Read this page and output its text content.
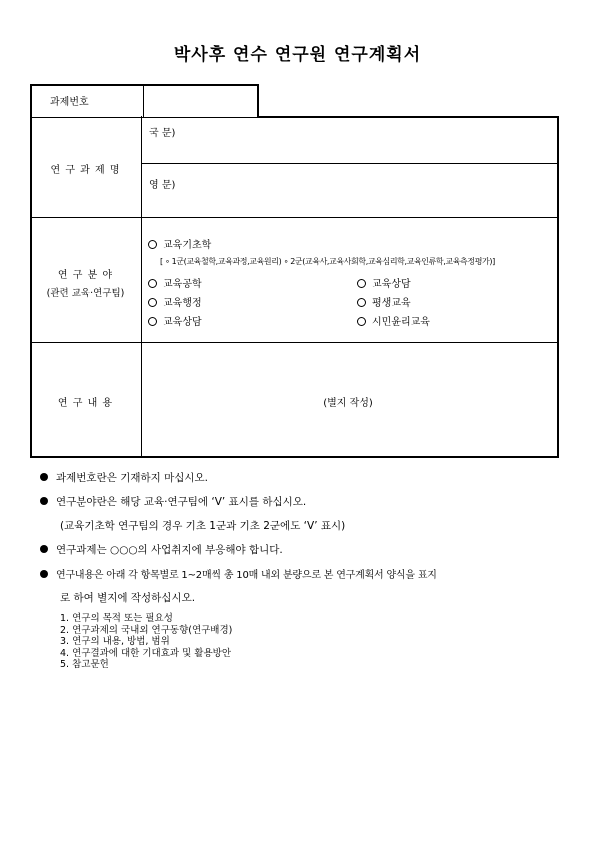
박사후 연수 연구원 연구계획서
과제번호
연 구 과 제 명
국 문)
영 문)
연 구 분 야
(관련 교육·연구팀)
교육기초학
[ ∘ 1군(교육철학,교육과정,교육원리) ∘ 2군(교육사,교육사회학,교육심리학,교육인류학,교육측정평가)]
교육공학
교육행정
교육상담
교육상담
평생교육
시민윤리교육
연 구 내 용	(별지 작성)
과제번호란은 기재하지 마십시오.
연구분야란은 해당 교육·연구팀에 ‘V’ 표시를 하십시오.
(교육기초학 연구팀의 경우 기초 1군과 기초 2군에도 ‘V’ 표시)
연구과제는 ○○○의 사업취지에 부응해야 합니다.
연구내용은 아래 각 항목별로 1~2매씩 총 10매 내외 분량으로 본 연구계획서 양식을 표지
로 하여 별지에 작성하십시오.
1. 연구의 목적 또는 필요성
2. 연구과제의 국내외 연구동향(연구배경)
3. 연구의 내용, 방법, 범위
4. 연구결과에 대한 기대효과 및 활용방안
5. 참고문헌
